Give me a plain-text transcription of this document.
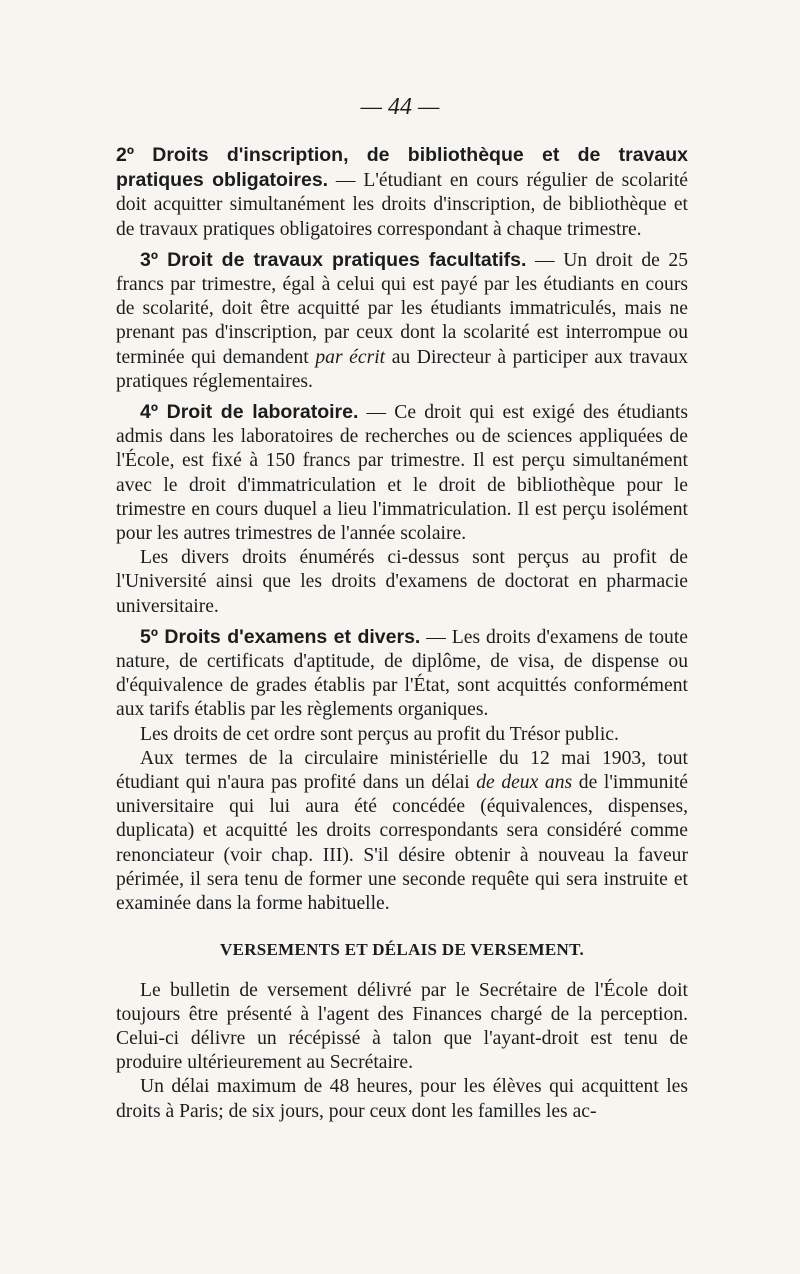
— 44 —

2º Droits d'inscription, de bibliothèque et de travaux pratiques obligatoires. — L'étudiant en cours régulier de scolarité doit acquitter simultanément les droits d'inscription, de bibliothèque et de travaux pratiques obligatoires correspondant à chaque trimestre.

3º Droit de travaux pratiques facultatifs. — Un droit de 25 francs par trimestre, égal à celui qui est payé par les étudiants en cours de scolarité, doit être acquitté par les étudiants immatriculés, mais ne prenant pas d'inscription, par ceux dont la scolarité est interrompue ou terminée qui demandent par écrit au Directeur à participer aux travaux pratiques réglementaires.

4º Droit de laboratoire. — Ce droit qui est exigé des étudiants admis dans les laboratoires de recherches ou de sciences appliquées de l'École, est fixé à 150 francs par trimestre. Il est perçu simultanément avec le droit d'immatriculation et le droit de bibliothèque pour le trimestre en cours duquel a lieu l'immatriculation. Il est perçu isolément pour les autres trimestres de l'année scolaire.

Les divers droits énumérés ci-dessus sont perçus au profit de l'Université ainsi que les droits d'examens de doctorat en pharmacie universitaire.

5º Droits d'examens et divers. — Les droits d'examens de toute nature, de certificats d'aptitude, de diplôme, de visa, de dispense ou d'équivalence de grades établis par l'État, sont acquittés conformément aux tarifs établis par les règlements organiques.

Les droits de cet ordre sont perçus au profit du Trésor public.

Aux termes de la circulaire ministérielle du 12 mai 1903, tout étudiant qui n'aura pas profité dans un délai de deux ans de l'immunité universitaire qui lui aura été concédée (équivalences, dispenses, duplicata) et acquitté les droits correspondants sera considéré comme renonciateur (voir chap. III). S'il désire obtenir à nouveau la faveur périmée, il sera tenu de former une seconde requête qui sera instruite et examinée dans la forme habituelle.

VERSEMENTS ET DÉLAIS DE VERSEMENT.

Le bulletin de versement délivré par le Secrétaire de l'École doit toujours être présenté à l'agent des Finances chargé de la perception. Celui-ci délivre un récépissé à talon que l'ayant-droit est tenu de produire ultérieurement au Secrétaire.

Un délai maximum de 48 heures, pour les élèves qui acquittent les droits à Paris; de six jours, pour ceux dont les familles les ac-
